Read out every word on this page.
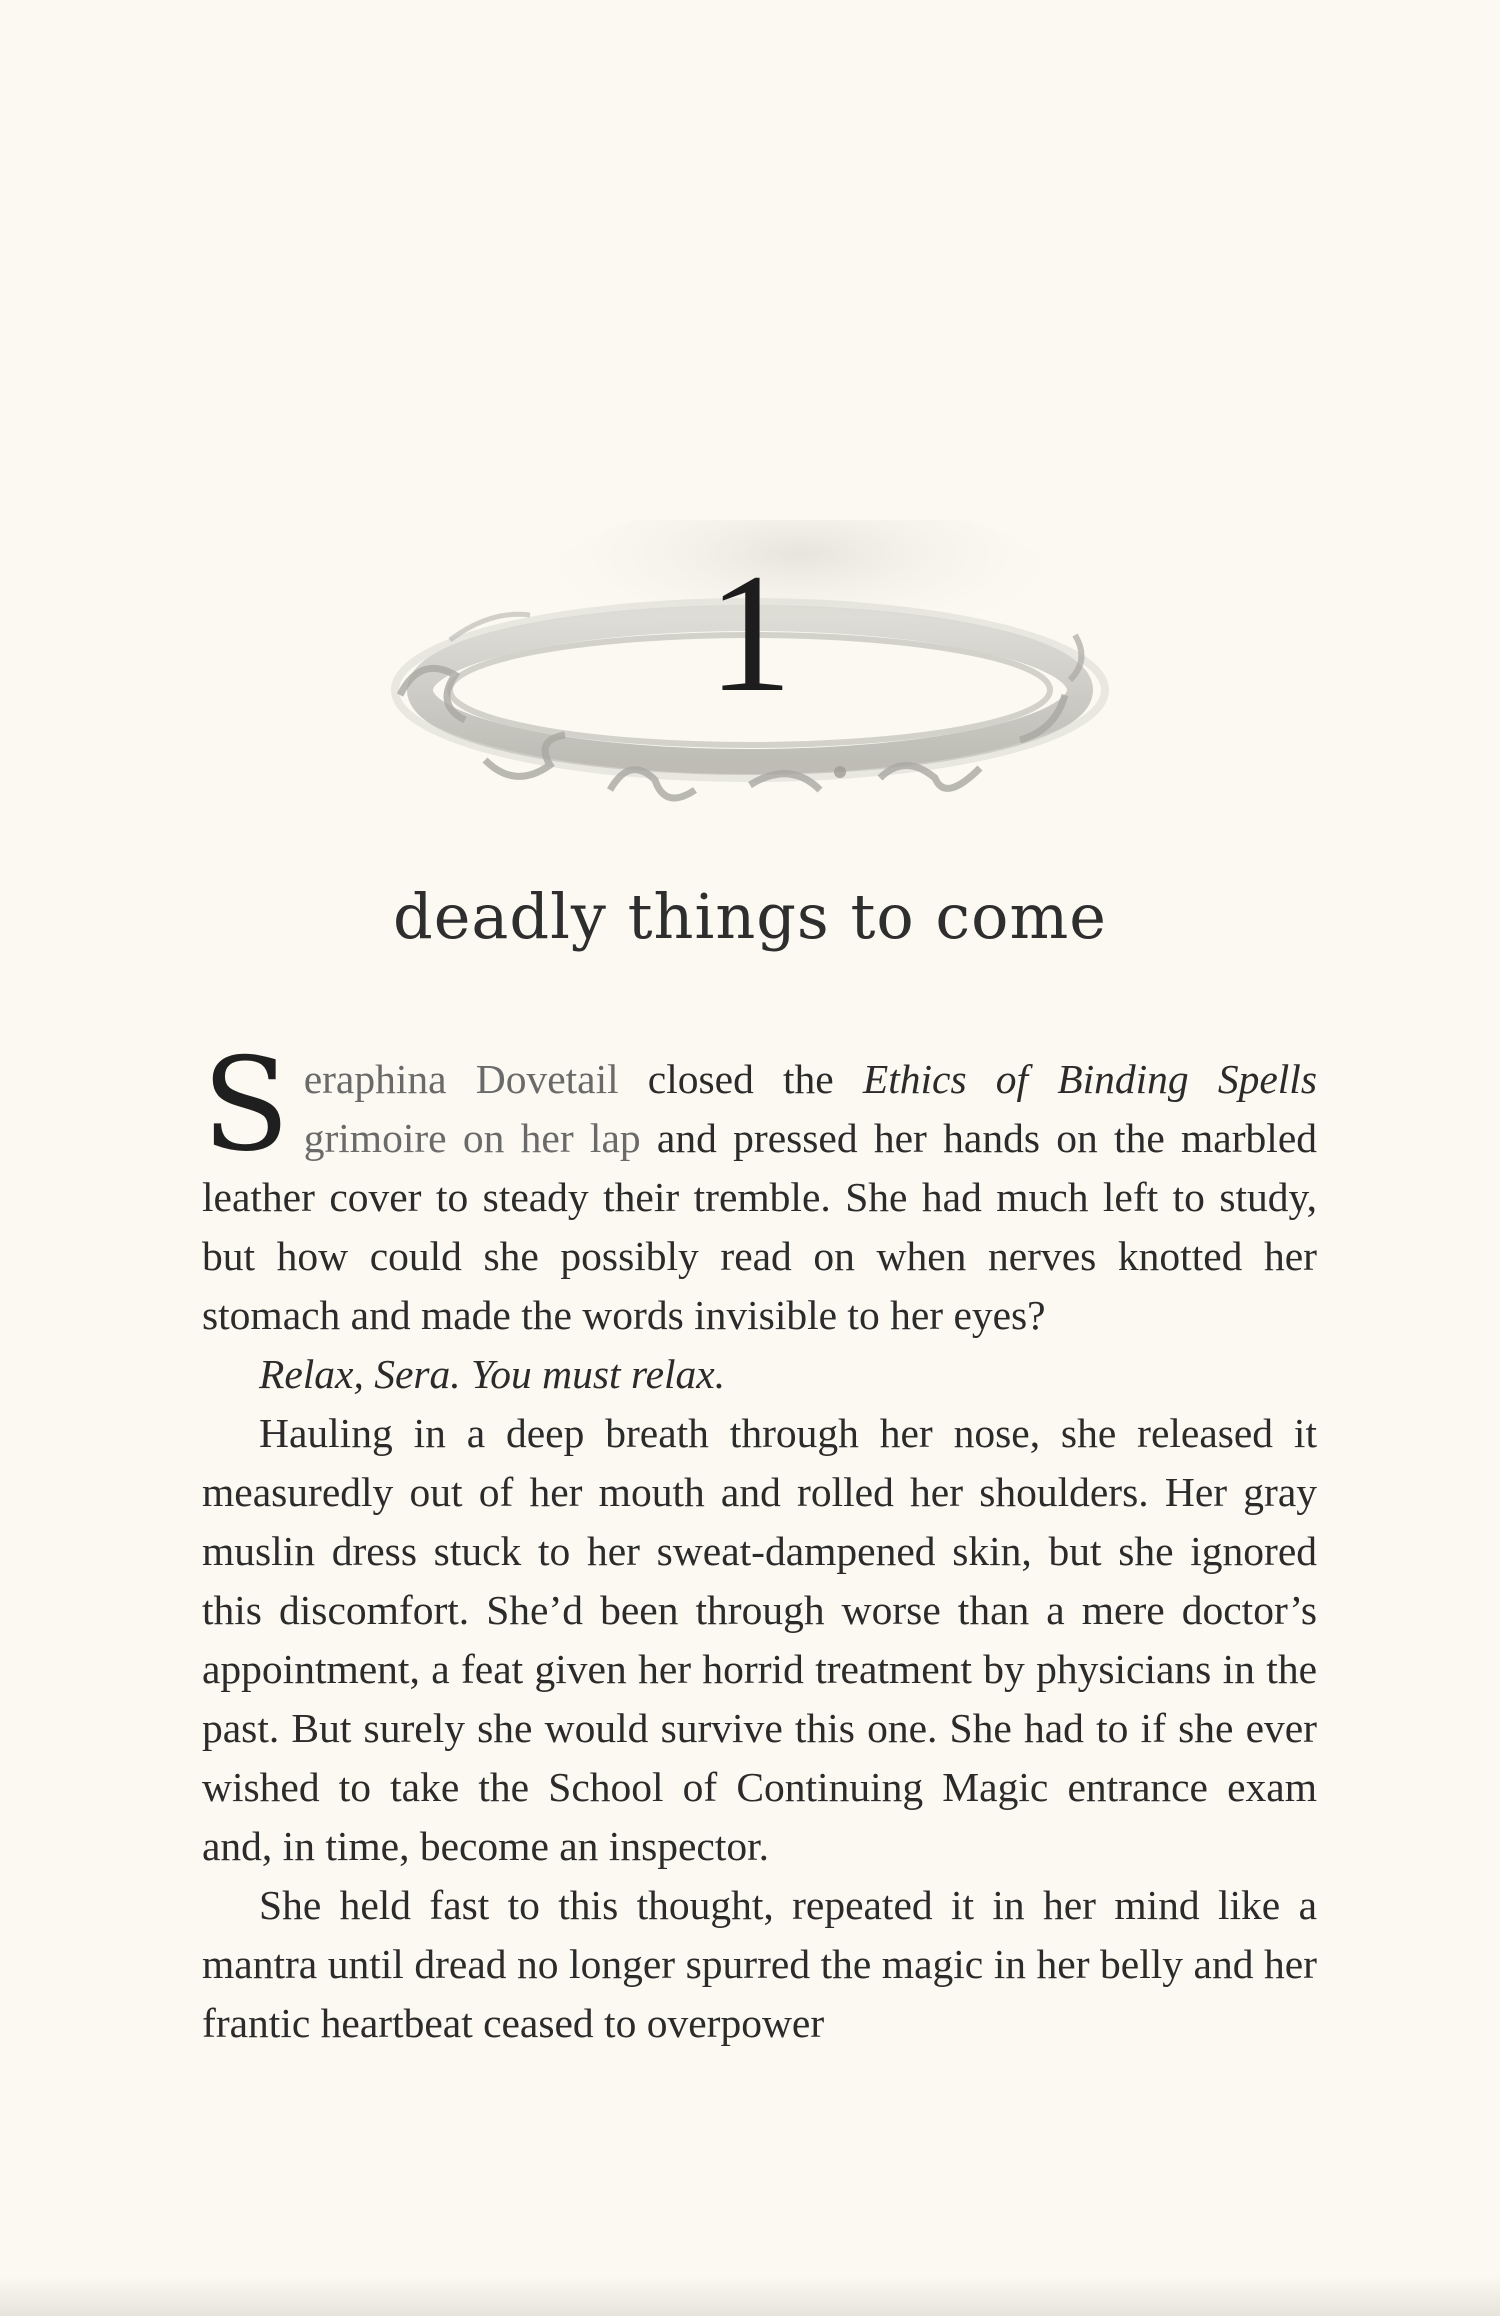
1
deadly things to come

Seraphina Dovetail closed the Ethics of Binding Spells grimoire on her lap and pressed her hands on the marbled leather cover to steady their tremble. She had much left to study, but how could she possibly read on when nerves knotted her stomach and made the words invisible to her eyes?

Relax, Sera. You must relax.

Hauling in a deep breath through her nose, she released it measuredly out of her mouth and rolled her shoulders. Her gray muslin dress stuck to her sweat-dampened skin, but she ignored this discomfort. She’d been through worse than a mere doctor’s appointment, a feat given her horrid treatment by physicians in the past. But surely she would survive this one. She had to if she ever wished to take the School of Continuing Magic entrance exam and, in time, become an inspector.

She held fast to this thought, repeated it in her mind like a mantra until dread no longer spurred the magic in her belly and her frantic heartbeat ceased to overpower
